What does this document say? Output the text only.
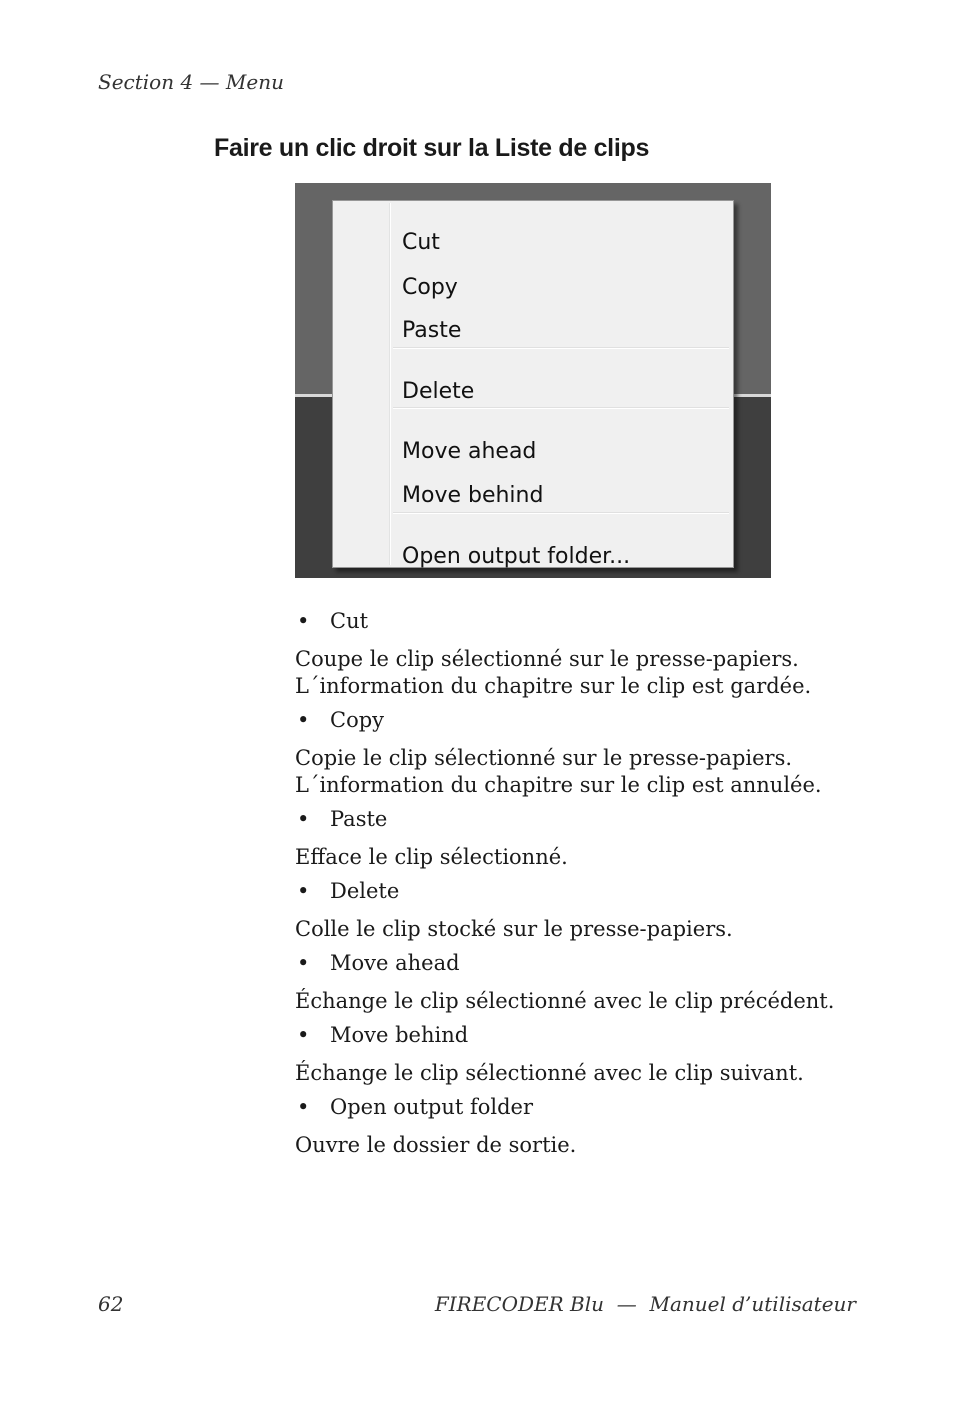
Section 4 — Menu
Faire un clic droit sur la Liste de clips
Cut
Copy
Paste
Delete
Move ahead
Move behind
Open output folder...
• Cut
Coupe le clip sélectionné sur le presse-papiers.
L´information du chapitre sur le clip est gardée.
• Copy
Copie le clip sélectionné sur le presse-papiers.
L´information du chapitre sur le clip est annulée.
• Paste
Efface le clip sélectionné.
• Delete
Colle le clip stocké sur le presse-papiers.
• Move ahead
Échange le clip sélectionné avec le clip précédent.
• Move behind
Échange le clip sélectionné avec le clip suivant.
• Open output folder
Ouvre le dossier de sortie.
62	FIRECODER Blu  —  Manuel d’utilisateur
